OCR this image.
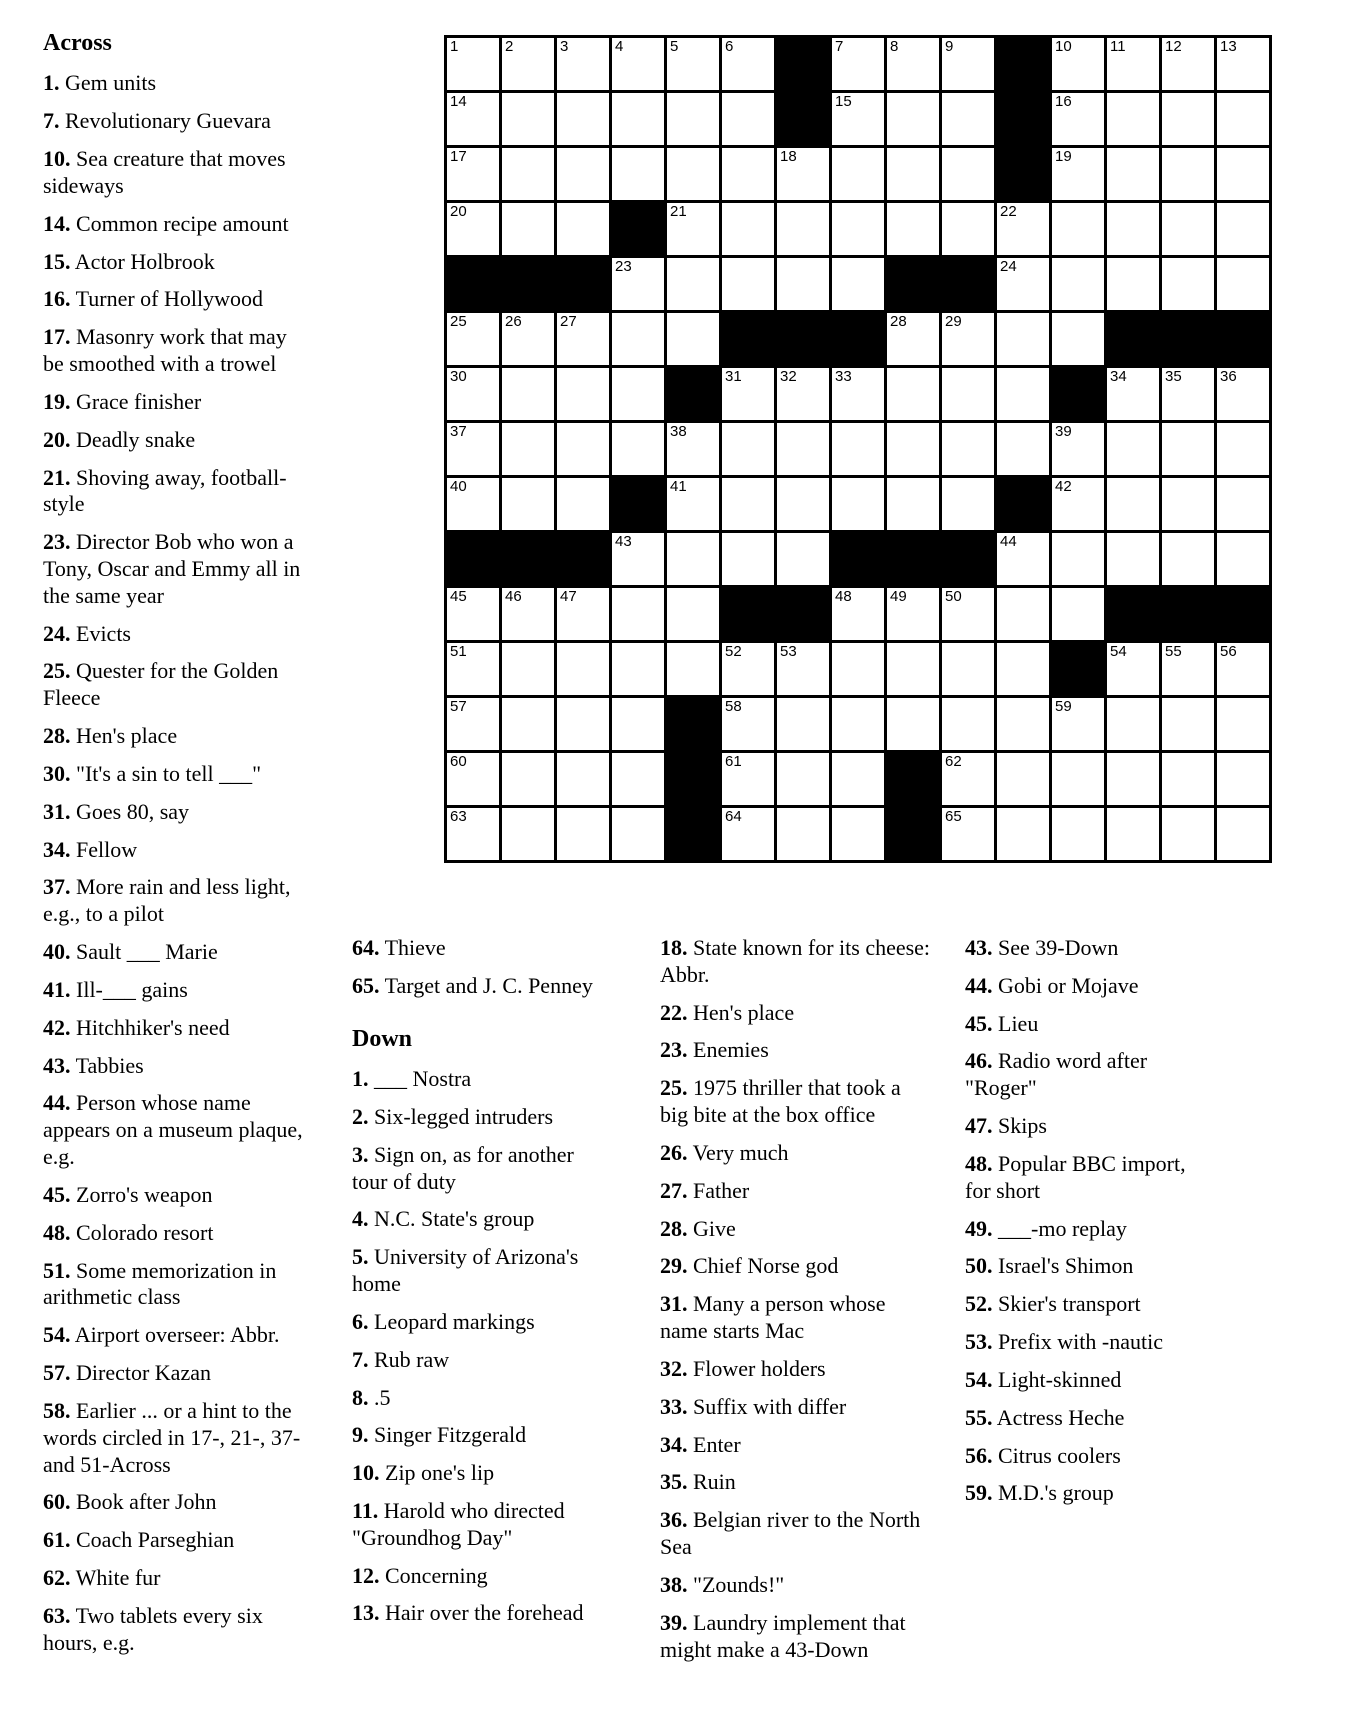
Across

1. Gem units

7. Revolutionary Guevara

10. Sea creature that moves sideways

14. Common recipe amount

15. Actor Holbrook

16. Turner of Hollywood

17. Masonry work that may be smoothed with a trowel

19. Grace finisher

20. Deadly snake

21. Shoving away, football-style

23. Director Bob who won a Tony, Oscar and Emmy all in the same year

24. Evicts

25. Quester for the Golden Fleece

28. Hen's place

30. "It's a sin to tell ___"

31. Goes 80, say

34. Fellow

37. More rain and less light, e.g., to a pilot

40. Sault ___ Marie

41. Ill-___ gains

42. Hitchhiker's need

43. Tabbies

44. Person whose name appears on a museum plaque, e.g.

45. Zorro's weapon

48. Colorado resort

51. Some memorization in arithmetic class

54. Airport overseer: Abbr.

57. Director Kazan

58. Earlier ... or a hint to the words circled in 17-, 21-, 37- and 51-Across

60. Book after John

61. Coach Parseghian

62. White fur

63. Two tablets every six hours, e.g.

1	2	3	4	5	6	7	8	9	10	11	12	13
14	15	16
17	18	19
20	21	22
23	24
25	26	27	28	29
30	31	32	33	34	35	36
37	38	39
40	41	42
43	44
45	46	47	48	49	50
51	52	53	54	55	56
57	58	59
60	61	62
63	64	65

64. Thieve

65. Target and J. C. Penney

Down

1. ___ Nostra

2. Six-legged intruders

3. Sign on, as for another tour of duty

4. N.C. State's group

5. University of Arizona's home

6. Leopard markings

7. Rub raw

8. .5

9. Singer Fitzgerald

10. Zip one's lip

11. Harold who directed "Groundhog Day"

12. Concerning

13. Hair over the forehead

18. State known for its cheese: Abbr.

22. Hen's place

23. Enemies

25. 1975 thriller that took a big bite at the box office

26. Very much

27. Father

28. Give

29. Chief Norse god

31. Many a person whose name starts Mac

32. Flower holders

33. Suffix with differ

34. Enter

35. Ruin

36. Belgian river to the North Sea

38. "Zounds!"

39. Laundry implement that might make a 43-Down

43. See 39-Down

44. Gobi or Mojave

45. Lieu

46. Radio word after "Roger"

47. Skips

48. Popular BBC import, for short

49. ___-mo replay

50. Israel's Shimon

52. Skier's transport

53. Prefix with -nautic

54. Light-skinned

55. Actress Heche

56. Citrus coolers

59. M.D.'s group
